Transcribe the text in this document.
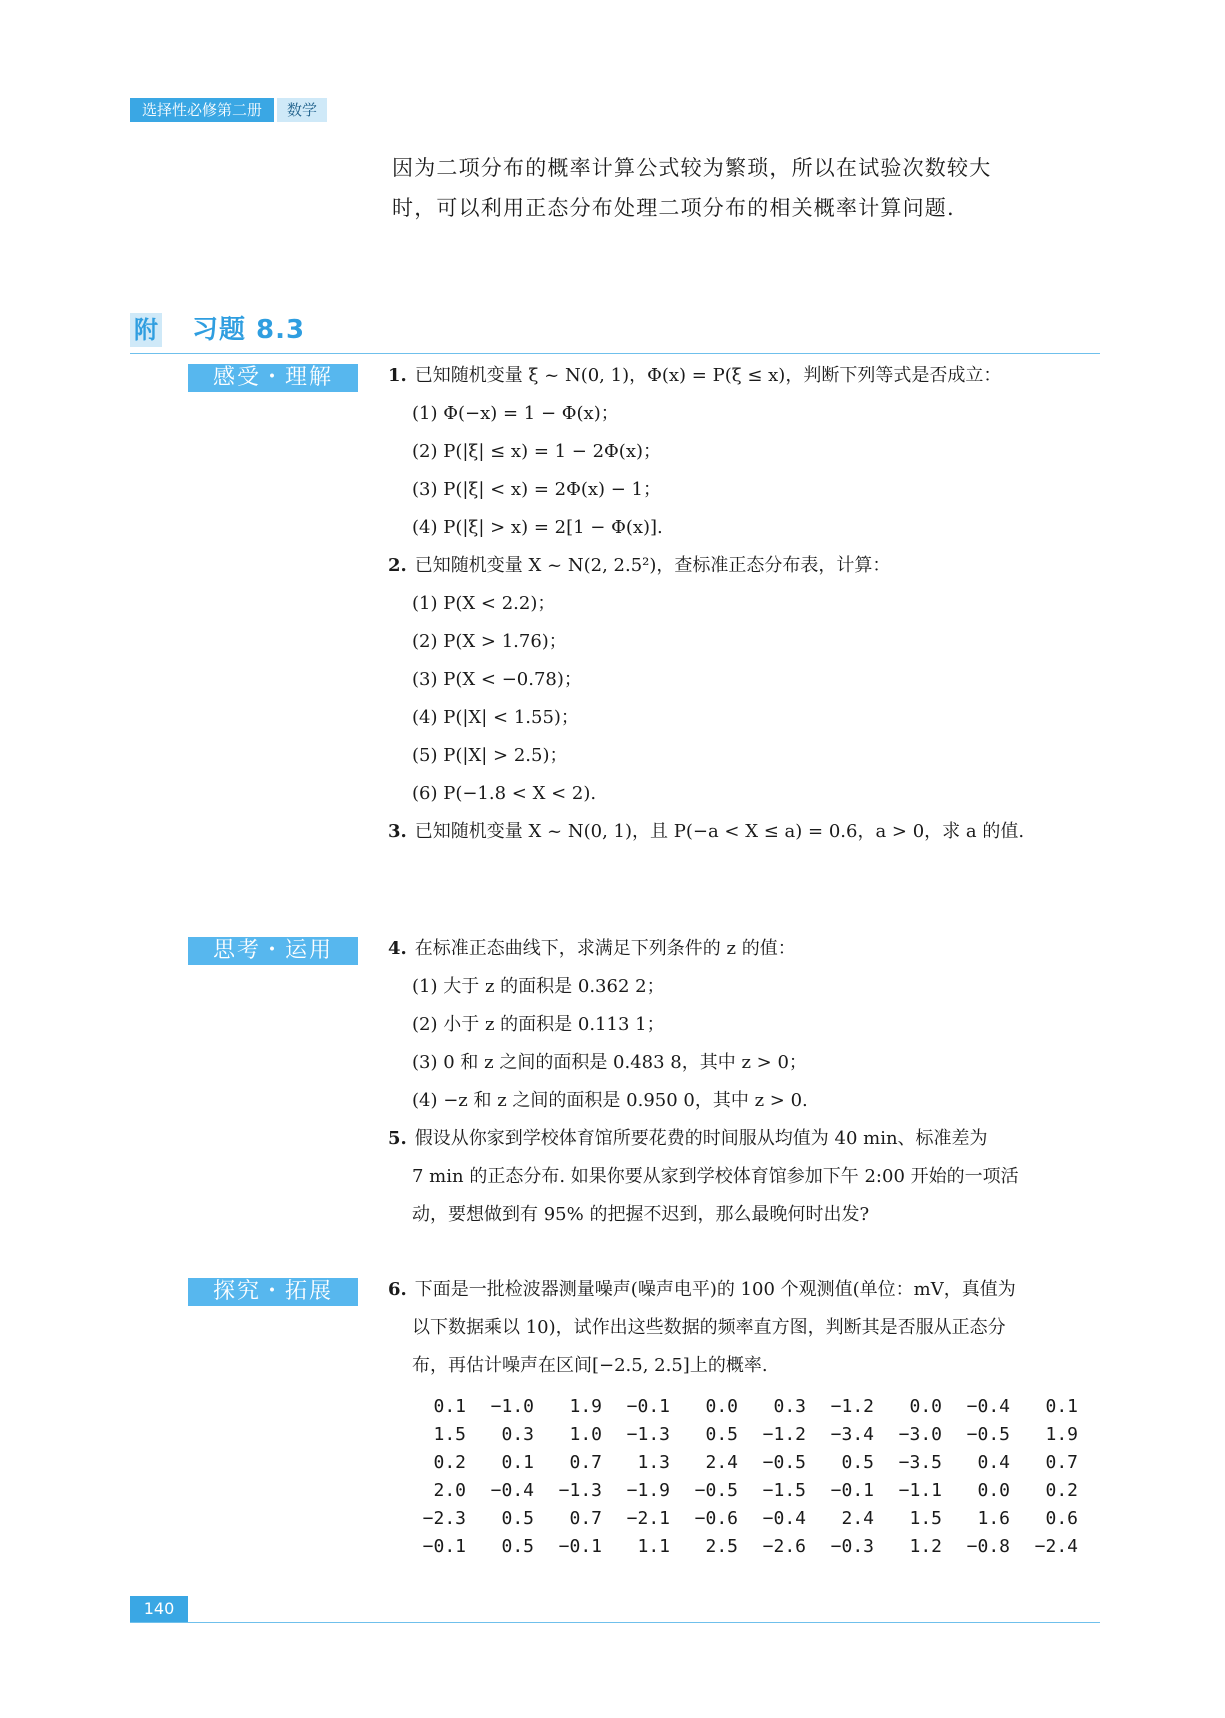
选择性必修第二册	数学

因为二项分布的概率计算公式较为繁琐，所以在试验次数较大

时，可以利用正态分布处理二项分布的相关概率计算问题.

附 习题 8.3
感受・理解	1. 已知随机变量 ξ ~ N(0, 1)，Φ(x) = P(ξ ≤ x)，判断下列等式是否成立：

(1) Φ(−x) = 1 − Φ(x)；

(2) P(|ξ| ≤ x) = 1 − 2Φ(x)；

(3) P(|ξ| < x) = 2Φ(x) − 1；

(4) P(|ξ| > x) = 2[1 − Φ(x)].

2. 已知随机变量 X ~ N(2, 2.5²)，查标准正态分布表，计算：

(1) P(X < 2.2)；

(2) P(X > 1.76)；

(3) P(X < −0.78)；

(4) P(|X| < 1.55)；

(5) P(|X| > 2.5)；

(6) P(−1.8 < X < 2).

3. 已知随机变量 X ~ N(0, 1)，且 P(−a < X ≤ a) = 0.6，a > 0，求 a 的值.

思考・运用	4. 在标准正态曲线下，求满足下列条件的 z 的值：

(1) 大于 z 的面积是 0.362 2；

(2) 小于 z 的面积是 0.113 1；

(3) 0 和 z 之间的面积是 0.483 8，其中 z > 0；

(4) −z 和 z 之间的面积是 0.950 0，其中 z > 0.

5. 假设从你家到学校体育馆所要花费的时间服从均值为 40 min、标准差为

7 min 的正态分布. 如果你要从家到学校体育馆参加下午 2:00 开始的一项活

动，要想做到有 95% 的把握不迟到，那么最晚何时出发?

探究・拓展	6. 下面是一批检波器测量噪声(噪声电平)的 100 个观测值(单位：mV，真值为

以下数据乘以 10)，试作出这些数据的频率直方图，判断其是否服从正态分

布，再估计噪声在区间[−2.5, 2.5]上的概率.

0.1	−1.0	1.9	−0.1	0.0	0.3	−1.2	0.0	−0.4	0.1
1.5	0.3	1.0	−1.3	0.5	−1.2	−3.4	−3.0	−0.5	1.9
0.2	0.1	0.7	1.3	2.4	−0.5	0.5	−3.5	0.4	0.7
2.0	−0.4	−1.3	−1.9	−0.5	−1.5	−0.1	−1.1	0.0	0.2
−2.3	0.5	0.7	−2.1	−0.6	−0.4	2.4	1.5	1.6	0.6
−0.1	0.5	−0.1	1.1	2.5	−2.6	−0.3	1.2	−0.8	−2.4
140
